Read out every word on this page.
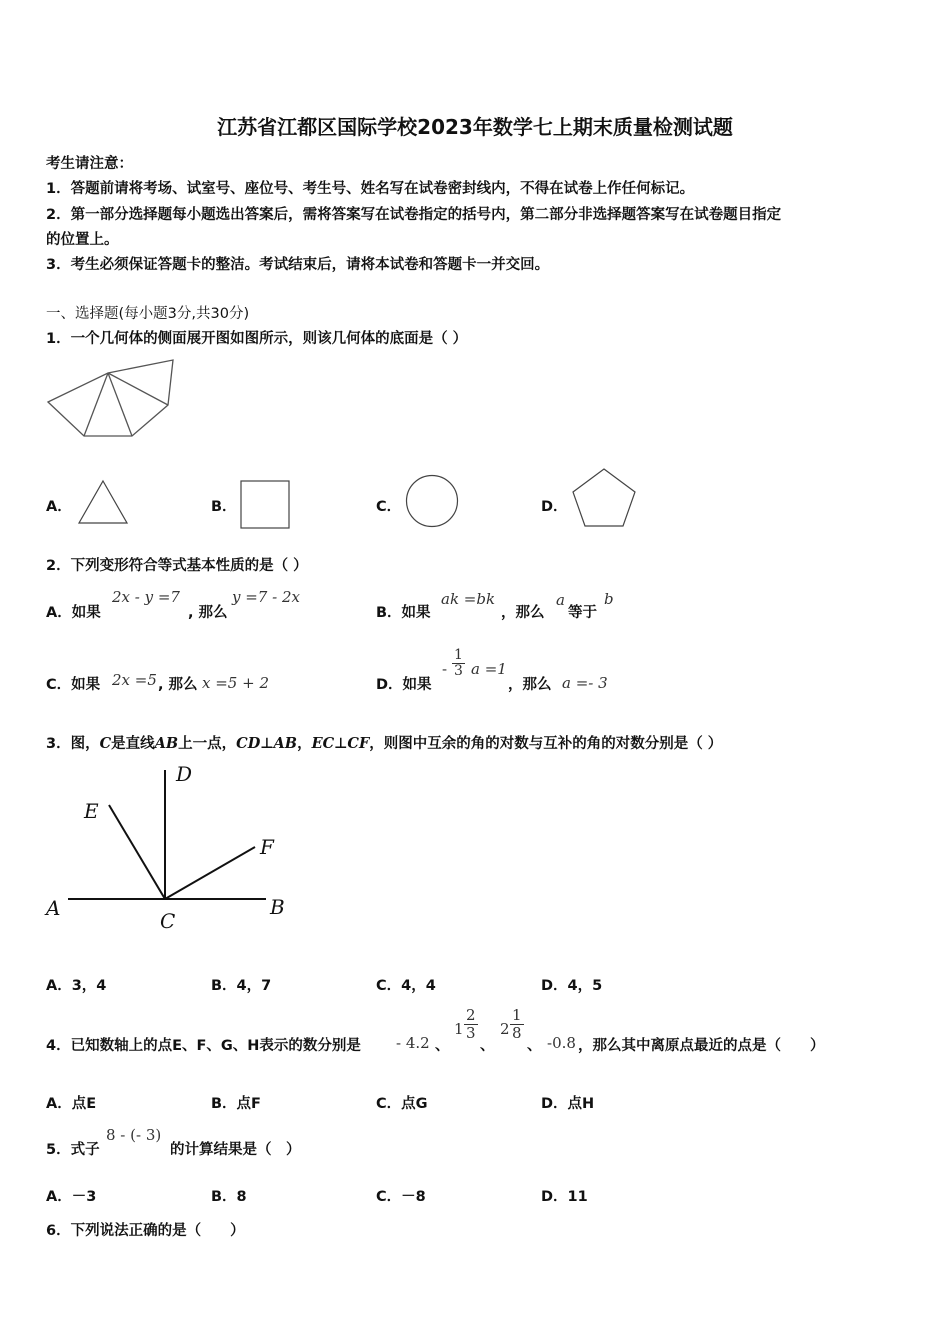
江苏省江都区国际学校2023年数学七上期末质量检测试题
考生请注意：
1．答题前请将考场、试室号、座位号、考生号、姓名写在试卷密封线内，不得在试卷上作任何标记。
2．第一部分选择题每小题选出答案后，需将答案写在试卷指定的括号内，第二部分非选择题答案写在试卷题目指定
的位置上。
3．考生必须保证答题卡的整洁。考试结束后，请将本试卷和答题卡一并交回。
一、选择题(每小题3分,共30分)
1．一个几何体的侧面展开图如图所示，则该几何体的底面是（ ）
A．	B．	C．	D．
2．下列变形符合等式基本性质的是（ ）
A．如果
2x - y =7
, 那么
y =7 - 2x
B．如果
ak =bk
，那么
a
等于
b
C．如果 2x =5 , 那么 x =5 + 2	D．如果
- $\frac{1}{3}$ a =1
，那么 a =- 3
3．图，C是直线AB上一点，CD⊥AB，EC⊥CF，则图中互余的角的对数与互补的角的对数分别是（ ）
D
E
F
A
C
B
A．3，4	B．4，7	C．4，4	D．4，5
4．已知数轴上的点E、F、G、H表示的数分别是 - 4.2 、
$1 \frac{2}{3}$
、
$2 \frac{1}{8}$
、 -0.8 ，那么其中离原点最近的点是（　　）
A．点E	B．点F	C．点G	D．点H
5．式子
8 - (- 3)
的计算结果是（　）
A．－3	B．8	C．－8	D．11
6．下列说法正确的是（　　）
